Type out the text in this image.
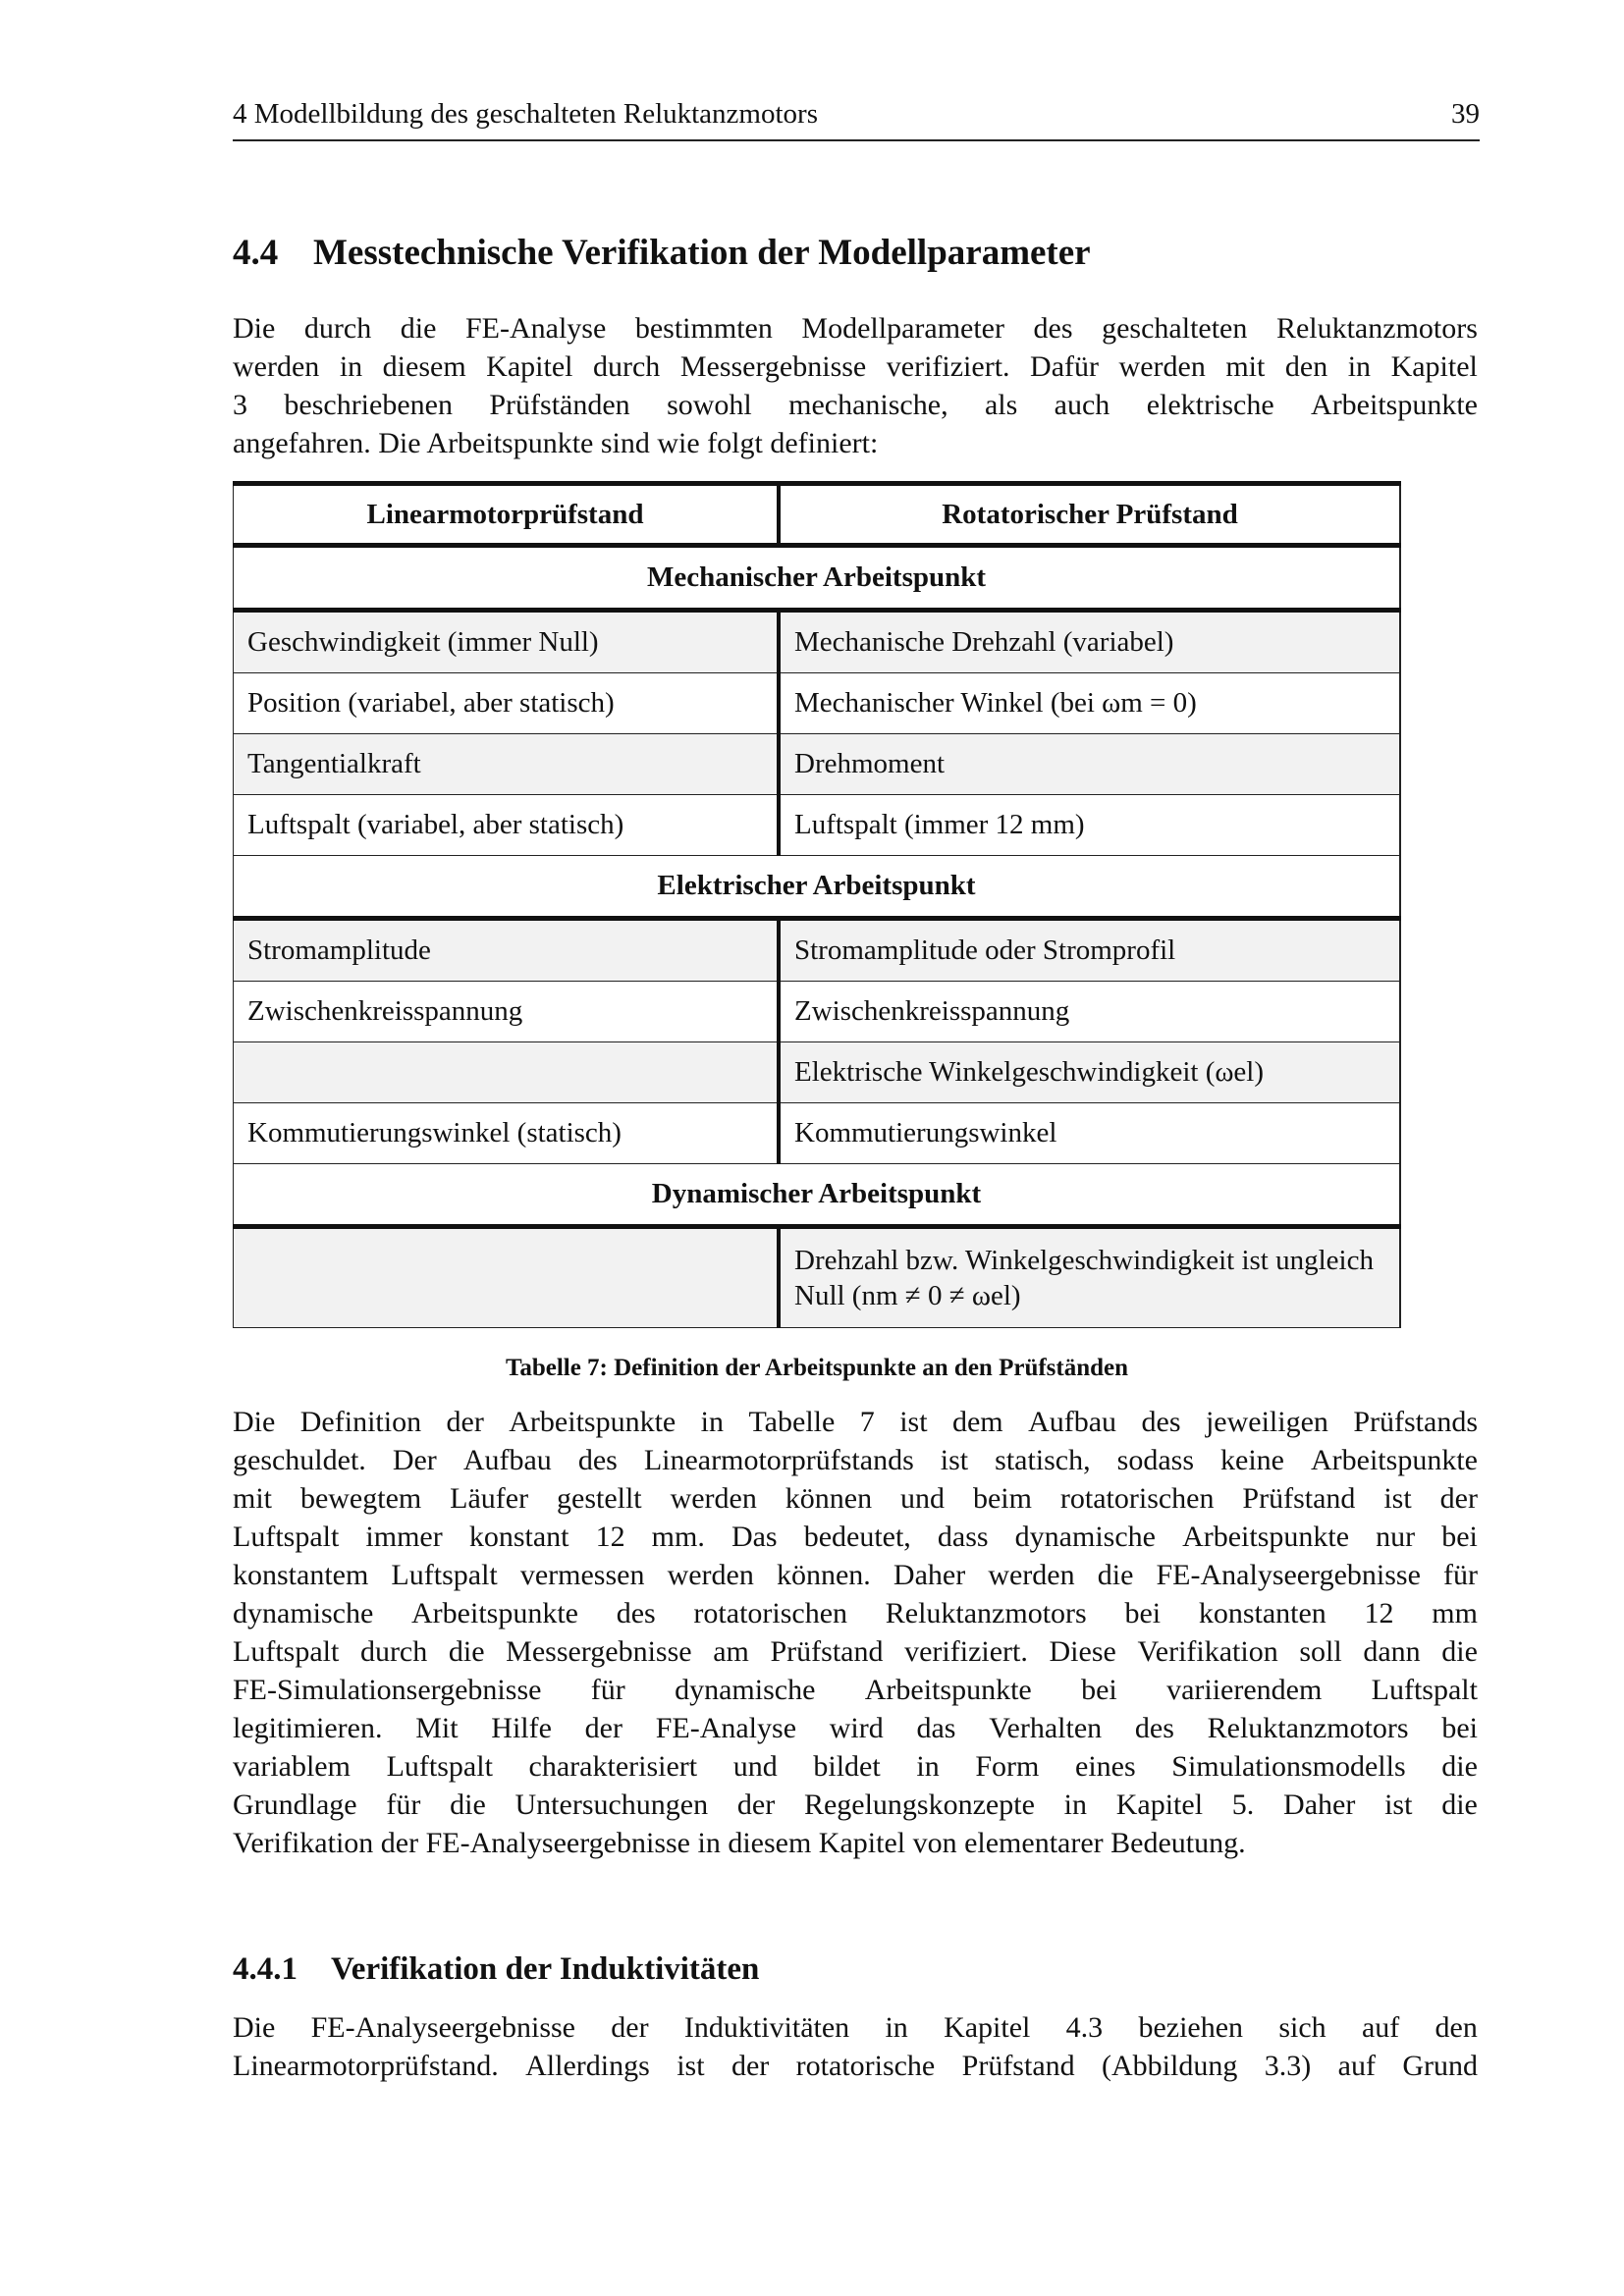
4 Modellbildung des geschalteten Reluktanzmotors	39
4.4 Messtechnische Verifikation der Modellparameter
Die durch die FE-Analyse bestimmten Modellparameter des geschalteten Reluktanzmotors
werden in diesem Kapitel durch Messergebnisse verifiziert. Dafür werden mit den in Kapitel
3 beschriebenen Prüfständen sowohl mechanische, als auch elektrische Arbeitspunkte
angefahren. Die Arbeitspunkte sind wie folgt definiert:
Linearmotorprüfstand	Rotatorischer Prüfstand
Mechanischer Arbeitspunkt	
Geschwindigkeit (immer Null)	Mechanische Drehzahl (variabel)
Position (variabel, aber statisch)	Mechanischer Winkel (bei ωm = 0)
Tangentialkraft	Drehmoment
Luftspalt (variabel, aber statisch)	Luftspalt (immer 12 mm)
Elektrischer Arbeitspunkt	
Stromamplitude	Stromamplitude oder Stromprofil
Zwischenkreisspannung	Zwischenkreisspannung
	Elektrische Winkelgeschwindigkeit (ωel)
Kommutierungswinkel (statisch)	Kommutierungswinkel
Dynamischer Arbeitspunkt	
	Drehzahl bzw. Winkelgeschwindigkeit ist ungleich Null (nm ≠ 0 ≠ ωel)
Tabelle 7: Definition der Arbeitspunkte an den Prüfständen
Die Definition der Arbeitspunkte in Tabelle 7 ist dem Aufbau des jeweiligen Prüfstands
geschuldet. Der Aufbau des Linearmotorprüfstands ist statisch, sodass keine Arbeitspunkte
mit bewegtem Läufer gestellt werden können und beim rotatorischen Prüfstand ist der
Luftspalt immer konstant 12 mm. Das bedeutet, dass dynamische Arbeitspunkte nur bei
konstantem Luftspalt vermessen werden können. Daher werden die FE-Analyseergebnisse für
dynamische Arbeitspunkte des rotatorischen Reluktanzmotors bei konstanten 12 mm
Luftspalt durch die Messergebnisse am Prüfstand verifiziert. Diese Verifikation soll dann die
FE-Simulationsergebnisse für dynamische Arbeitspunkte bei variierendem Luftspalt
legitimieren. Mit Hilfe der FE-Analyse wird das Verhalten des Reluktanzmotors bei
variablem Luftspalt charakterisiert und bildet in Form eines Simulationsmodells die
Grundlage für die Untersuchungen der Regelungskonzepte in Kapitel 5. Daher ist die
Verifikation der FE-Analyseergebnisse in diesem Kapitel von elementarer Bedeutung.
4.4.1 Verifikation der Induktivitäten
Die FE-Analyseergebnisse der Induktivitäten in Kapitel 4.3 beziehen sich auf den
Linearmotorprüfstand. Allerdings ist der rotatorische Prüfstand (Abbildung 3.3) auf Grund
